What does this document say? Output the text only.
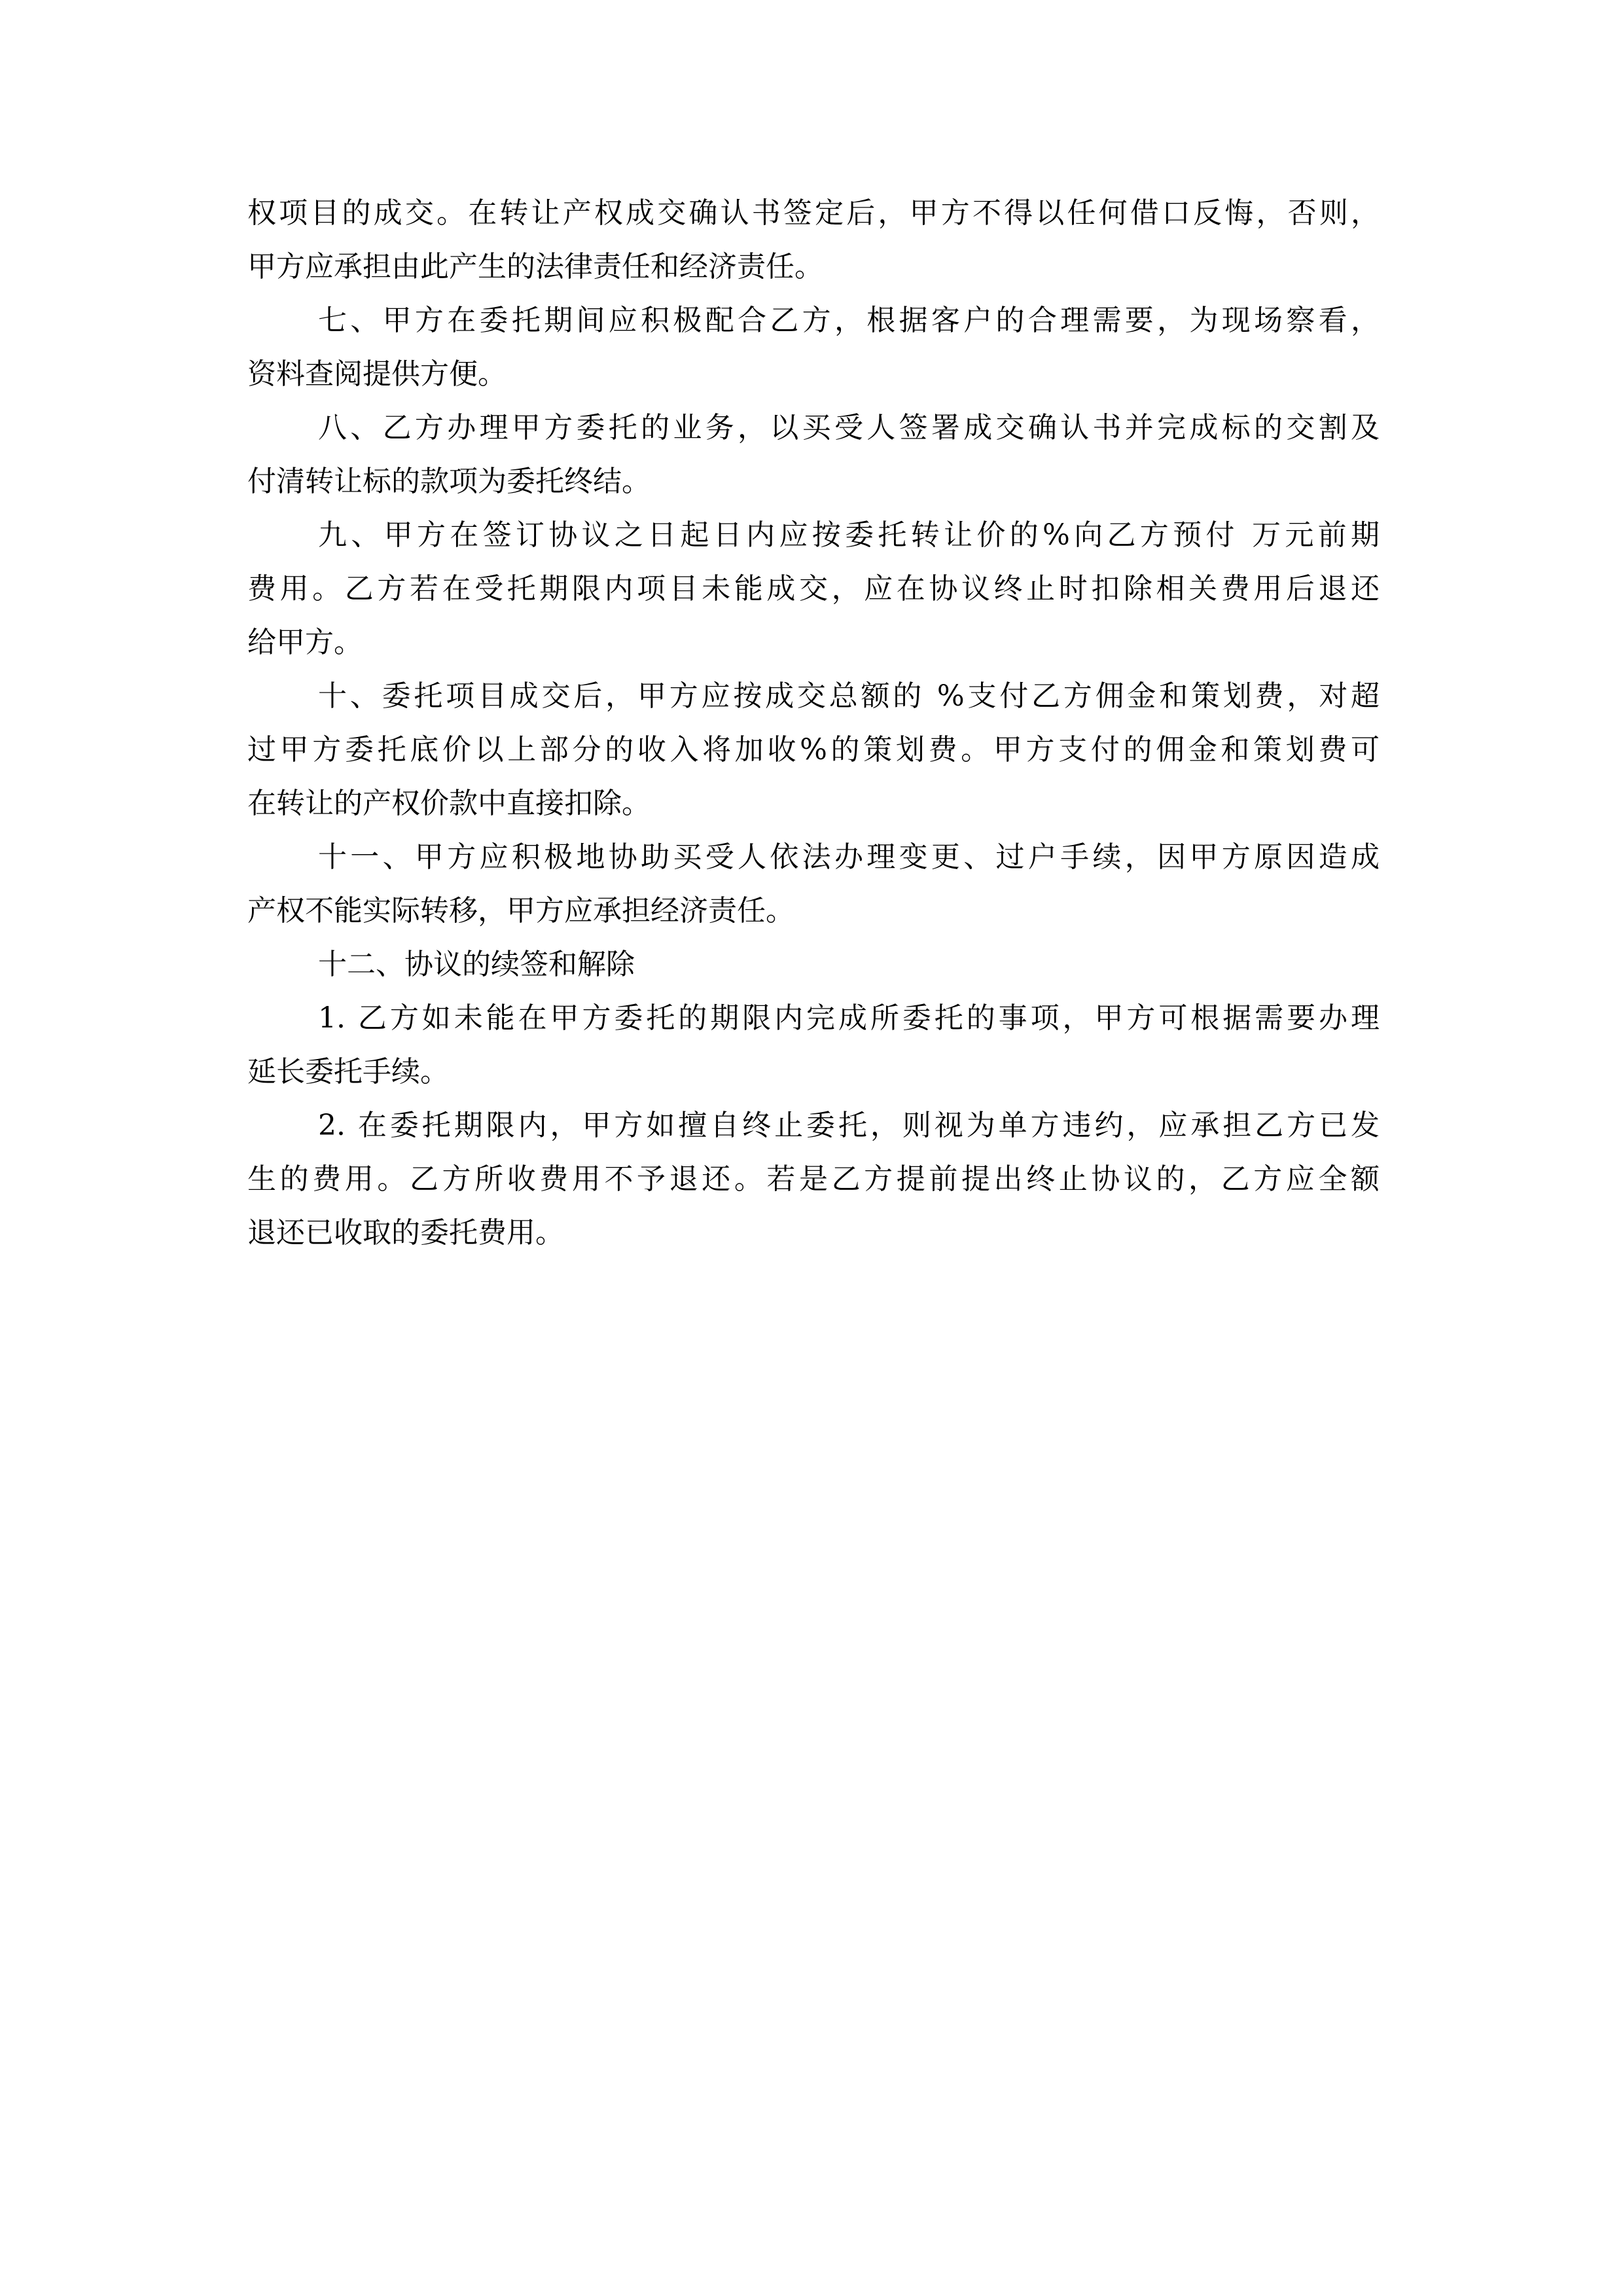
权项目的成交。在转让产权成交确认书签定后，甲方不得以任何借口反悔，否则，
甲方应承担由此产生的法律责任和经济责任。
七、甲方在委托期间应积极配合乙方，根据客户的合理需要，为现场察看，
资料查阅提供方便。
八、乙方办理甲方委托的业务，以买受人签署成交确认书并完成标的交割及
付清转让标的款项为委托终结。
九、甲方在签订协议之日起日内应按委托转让价的%向乙方预付 万元前期
费用。乙方若在受托期限内项目未能成交，应在协议终止时扣除相关费用后退还
给甲方。
十、委托项目成交后，甲方应按成交总额的 %支付乙方佣金和策划费，对超
过甲方委托底价以上部分的收入将加收%的策划费。甲方支付的佣金和策划费可
在转让的产权价款中直接扣除。
十一、甲方应积极地协助买受人依法办理变更、过户手续，因甲方原因造成
产权不能实际转移，甲方应承担经济责任。
十二、协议的续签和解除
1. 乙方如未能在甲方委托的期限内完成所委托的事项，甲方可根据需要办理
延长委托手续。
2. 在委托期限内，甲方如擅自终止委托，则视为单方违约，应承担乙方已发
生的费用。乙方所收费用不予退还。若是乙方提前提出终止协议的，乙方应全额
退还已收取的委托费用。
